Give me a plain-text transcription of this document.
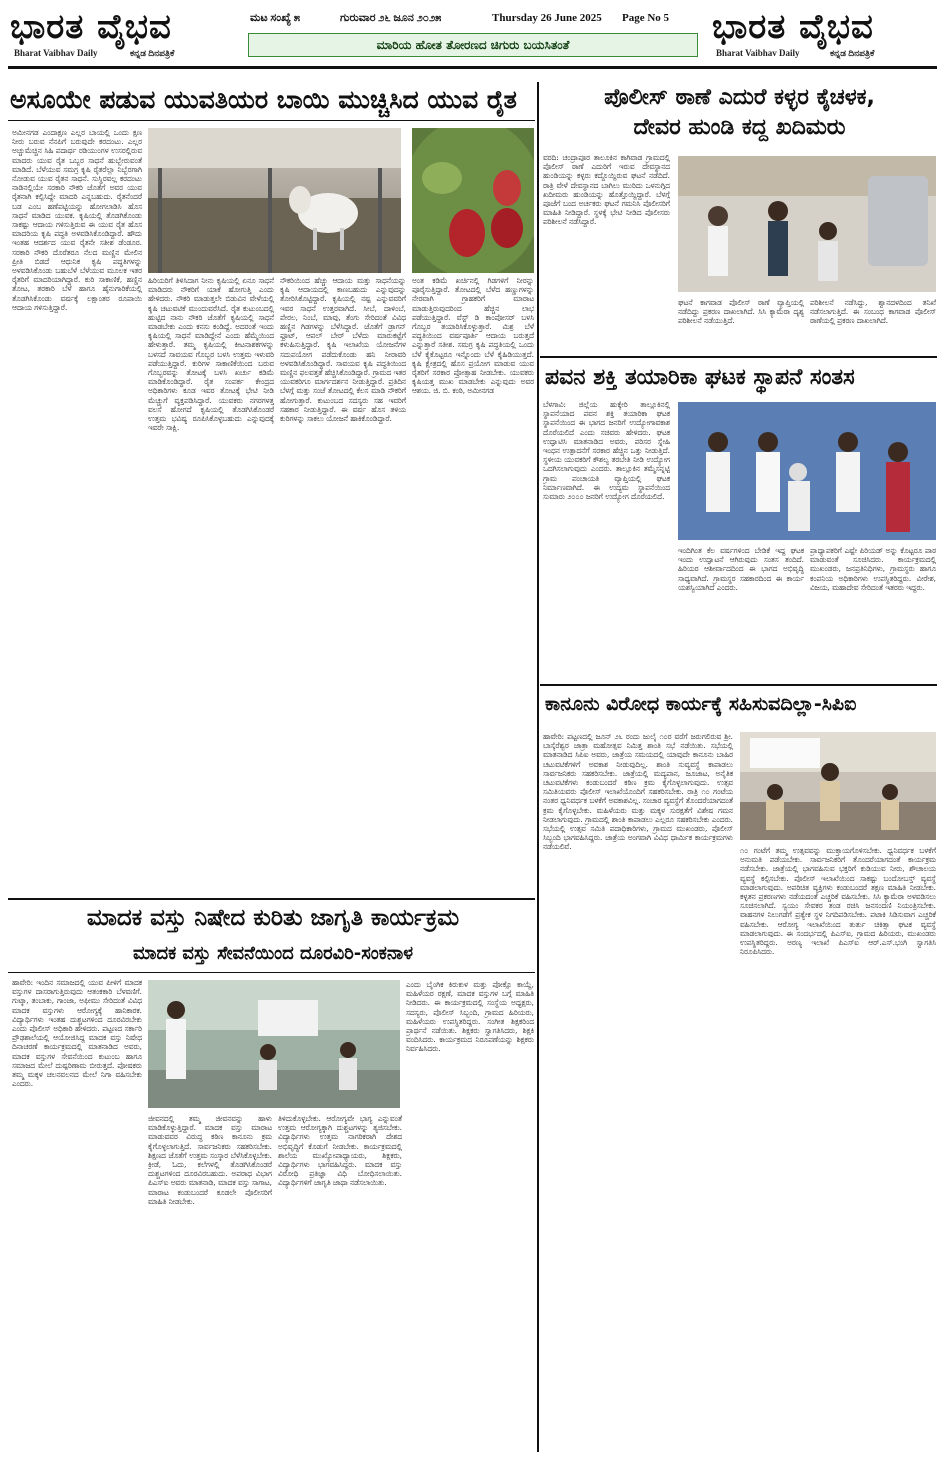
ಭಾರತ ವೈಭವ
Bharat Vaibhav Daily	ಕನ್ನಡ ದಿನಪತ್ರಿಕೆ
ಮಟ ಸಂಖ್ಯೆ ೫	ಗುರುವಾರ ೨೬ ಜೂನ ೨೦೨೫	Thursday 26 June 2025 Page No 5
ಮಾರಿಯ ಹೋತ ತೋರಣದ ಚಿಗುರು ಬಯಸಿತಂತೆ	ಭಾರತ ವೈಭವ
Bharat Vaibhav Daily	ಕನ್ನಡ ದಿನಪತ್ರಿಕೆ
ಅಸೂಯೇ ಪಡುವ ಯುವತಿಯರ ಬಾಯಿ ಮುಚ್ಚಿಸಿದ ಯುವ ರೈತ
ಅಮೀನಗಡ ಎಂದಾಕ್ಷಣ ಎಲ್ಲರ ಬಾಯಲ್ಲಿ ಒಂದು ಕ್ಷಣ ನೀರು ಬರುವ ನೆನಪಿಗೆ ಬರುವುದೇ ಕರದಂಟು. ಎಲ್ಲರ ಅಚ್ಚುಮೆಚ್ಚಿನ ಸಿಹಿ ಪದಾರ್ಥ ರಡಿಯುಂಗಳ ಉಸರಲ್ಲಿರುವ ಮಾದರು ಯುವ ರೈತ ಒಬ್ಬರ ಸಾಧನೆ ಹುಬ್ಬೇರುವಂತೆ ಮಾಡಿದೆ. ಬೆಳೆಯುವ ಸಮಗ್ರ ಕೃಷಿ ರೈತರೆಲ್ಲಾ ನಿಬ್ಬೆರಗಾಗಿ ನೋಡುವ ಯುವ ರೈತನ ಸಾಧನೆ. ಸುಸ್ಥಿರವಲ್ಲ ಕರದಂಟು ನಾಡಿನಲ್ಲಿಯೇ ಸರಕಾರಿ ನೌಕರಿ ಜೊತೆಗೆ ಅವರ ಯುವ ರೈತನಾಗಿ ಕಲ್ಪಿಸಿದ್ದೇ ಮಾದರಿ ಎನ್ನಬಹುದು. ರೈತನೆಂದರೆ ಬಡ ಎಂಬ ಹಣೆಪಟ್ಟಿಯನ್ನು ಹೋಗಲಾಡಿಸಿ ಹೊಸ ಸಾಧನೆ ಮಾಡಿದ ಯುವಕ. ಕೃಷಿಯಲ್ಲಿ ತೊಡಗಿಕೊಂಡು ಸಾಕಷ್ಟು ಆದಾಯ ಗಳಿಸುತ್ತಿರುವ ಈ ಯುವ ರೈತ ಹೊಸ ಮಾದರಿಯ ಕೃಷಿ ಪದ್ಧತಿ ಅಳವಡಿಸಿಕೊಂಡಿದ್ದಾರೆ. ಹೌದು ಇಂತಹ ಆದರ್ಶದ ಯುವ ರೈತನೇ ಸತೀಶ ಡೆಂಡೂರ. ಸರಕಾರಿ ನೌಕರಿ ದೊರೆತರೂ ನೆಲದ ಮಣ್ಣಿನ ಮೇಲಿನ ಪ್ರೀತಿ ಬಿಡದೆ ಆಧುನಿಕ ಕೃಷಿ ಪದ್ಧತಿಗಳನ್ನು ಅಳವಡಿಸಿಕೊಂಡು ಬಹುಬೆಳೆ ಬೆಳೆಯುವ ಮೂಲಕ ಇತರ ರೈತರಿಗೆ ಮಾದರಿಯಾಗಿದ್ದಾರೆ. ಕುರಿ ಸಾಕಾಣಿಕೆ, ಹಣ್ಣಿನ ತೋಟ, ತರಕಾರಿ ಬೆಳೆ ಹಾಗೂ ಹೈನುಗಾರಿಕೆಯಲ್ಲಿ ತೊಡಗಿಸಿಕೊಂಡು ವರ್ಷಕ್ಕೆ ಲಕ್ಷಾಂತರ ರೂಪಾಯಿ ಆದಾಯ ಗಳಿಸುತ್ತಿದ್ದಾರೆ.
ಹಿರಿಯರಿಗೆ ತಿಳಿಸಿದಾಗ ನೀನು ಕೃಷಿಯಲ್ಲಿ ಏನೂ ಸಾಧನೆ ಮಾಡಿದರು ನೌಕರಿಗೆ ಯಾಕೆ ಹೋಗುತ್ತಿ ಎಂದು ಹೇಳಿದರು. ನೌಕರಿ ಮಾಡುತ್ತಲೇ ಬಿಡುವಿನ ವೇಳೆಯಲ್ಲಿ ಕೃಷಿ ಚಟುವಟಿಕೆ ಮುಂದುವರೆಸಿದೆ. ರೈತ ಕುಟುಂಬದಲ್ಲಿ ಹುಟ್ಟಿದ ನಾನು ನೌಕರಿ ಜೊತೆಗೆ ಕೃಷಿಯಲ್ಲಿ ಸಾಧನೆ ಮಾಡಬೇಕು ಎಂದು ಕನಸು ಕಂಡಿದ್ದೆ. ಅದರಂತೆ ಇಂದು ಕೃಷಿಯಲ್ಲಿ ಸಾಧನೆ ಮಾಡಿದ್ದೇನೆ ಎಂದು ಹೆಮ್ಮೆಯಿಂದ ಹೇಳುತ್ತಾರೆ. ತಮ್ಮ ಕೃಷಿಯಲ್ಲಿ ಕೀಟನಾಶಕಗಳನ್ನು ಬಳಸದೆ ಸಾವಯವ ಗೊಬ್ಬರ ಬಳಸಿ ಉತ್ತಮ ಇಳುವರಿ ಪಡೆಯುತ್ತಿದ್ದಾರೆ. ಕುರಿಗಳ ಸಾಕಾಣಿಕೆಯಿಂದ ಬರುವ ಗೊಬ್ಬರವನ್ನು ತೋಟಕ್ಕೆ ಬಳಸಿ ಖರ್ಚು ಕಡಿಮೆ ಮಾಡಿಕೊಂಡಿದ್ದಾರೆ. ರೈತ ಸಂಪರ್ಕ ಕೇಂದ್ರದ ಅಧಿಕಾರಿಗಳು ಕೂಡ ಇವರ ತೋಟಕ್ಕೆ ಭೇಟಿ ನೀಡಿ ಮೆಚ್ಚುಗೆ ವ್ಯಕ್ತಪಡಿಸಿದ್ದಾರೆ. ಯುವಕರು ನಗರಗಳತ್ತ ವಲಸೆ ಹೋಗದೆ ಕೃಷಿಯಲ್ಲಿ ತೊಡಗಿಸಿಕೊಂಡರೆ ಉತ್ತಮ ಭವಿಷ್ಯ ರೂಪಿಸಿಕೊಳ್ಳಬಹುದು ಎನ್ನುವುದಕ್ಕೆ ಇವರೇ ಸಾಕ್ಷಿ.
ನೌಕರಿಯಿಂದ ಹೆಚ್ಚು ಆದಾಯ ಮತ್ತು ಸಾಧನೆಯನ್ನು ಕೃಷಿ ಆದಾಯದಲ್ಲಿ ಕಾಣಬಹುದು ಎನ್ನುವುದನ್ನು ತೋರಿಸಿಕೊಟ್ಟಿದ್ದಾರೆ. ಕೃಷಿಯಲ್ಲಿ ನಷ್ಟ ಎನ್ನುವವರಿಗೆ ಇವರ ಸಾಧನೆ ಉತ್ತರವಾಗಿದೆ. ಸೀಬೆ, ದಾಳಿಂಬೆ, ಪೇರಲ, ನಿಂಬೆ, ಮಾವು, ತೆಂಗು ಸೇರಿದಂತೆ ವಿವಿಧ ಹಣ್ಣಿನ ಗಿಡಗಳನ್ನು ಬೆಳೆಸಿದ್ದಾರೆ. ಜೊತೆಗೆ ಡ್ರಾಗನ್ ಫ್ರೂಟ್, ಆಪಲ್ ಬೇರ್ ಬೆಳೆದು ಮಾರುಕಟ್ಟೆಗೆ ಕಳುಹಿಸುತ್ತಿದ್ದಾರೆ. ಕೃಷಿ ಇಲಾಖೆಯ ಯೋಜನೆಗಳ ಸದುಪಯೋಗ ಪಡೆದುಕೊಂಡು ಹನಿ ನೀರಾವರಿ ಅಳವಡಿಸಿಕೊಂಡಿದ್ದಾರೆ. ಸಾವಯವ ಕೃಷಿ ಪದ್ಧತಿಯಿಂದ ಮಣ್ಣಿನ ಫಲವತ್ತತೆ ಹೆಚ್ಚಿಸಿಕೊಂಡಿದ್ದಾರೆ. ಗ್ರಾಮದ ಇತರ ಯುವಕರಿಗೂ ಮಾರ್ಗದರ್ಶನ ನೀಡುತ್ತಿದ್ದಾರೆ. ಪ್ರತಿದಿನ ಬೆಳಗ್ಗೆ ಮತ್ತು ಸಂಜೆ ತೋಟದಲ್ಲಿ ಕೆಲಸ ಮಾಡಿ ನೌಕರಿಗೆ ಹೋಗುತ್ತಾರೆ. ಕುಟುಂಬದ ಸದಸ್ಯರು ಸಹ ಇವರಿಗೆ ಸಹಕಾರ ನೀಡುತ್ತಿದ್ದಾರೆ. ಈ ವರ್ಷ ಹೊಸ ತಳಿಯ ಕುರಿಗಳನ್ನು ಸಾಕಲು ಯೋಜನೆ ಹಾಕಿಕೊಂಡಿದ್ದಾರೆ.
ಅಂತ ಕಡಿಮೆ ಖರ್ಚಿನಲ್ಲಿ ಗಿಡಗಳಿಗೆ ನೀರನ್ನು ಪೂರೈಸುತ್ತಿದ್ದಾರೆ. ತೋಟದಲ್ಲಿ ಬೆಳೆದ ಹಣ್ಣುಗಳನ್ನು ನೇರವಾಗಿ ಗ್ರಾಹಕರಿಗೆ ಮಾರಾಟ ಮಾಡುತ್ತಿರುವುದರಿಂದ ಹೆಚ್ಚಿನ ಲಾಭ ಪಡೆಯುತ್ತಿದ್ದಾರೆ. ವೆಸ್ಟ್ ಡಿ ಕಾಂಪೋಸರ್ ಬಳಸಿ ಗೊಬ್ಬರ ತಯಾರಿಸಿಕೊಳ್ಳುತ್ತಾರೆ. ಮಿಶ್ರ ಬೆಳೆ ಪದ್ಧತಿಯಿಂದ ವರ್ಷಪೂರ್ತಿ ಆದಾಯ ಬರುತ್ತದೆ ಎನ್ನುತ್ತಾರೆ ಸತೀಶ. ಸಮಗ್ರ ಕೃಷಿ ಪದ್ಧತಿಯಲ್ಲಿ ಒಂದು ಬೆಳೆ ಕೈಕೊಟ್ಟರೂ ಇನ್ನೊಂದು ಬೆಳೆ ಕೈಹಿಡಿಯುತ್ತದೆ. ಕೃಷಿ ಕ್ಷೇತ್ರದಲ್ಲಿ ಹೊಸ ಪ್ರಯೋಗ ಮಾಡುವ ಯುವ ರೈತರಿಗೆ ಸರಕಾರ ಪ್ರೋತ್ಸಾಹ ನೀಡಬೇಕು. ಯುವಕರು ಕೃಷಿಯತ್ತ ಮುಖ ಮಾಡಬೇಕು ಎನ್ನುವುದು ಅವರ ಆಶಯ. ಜಿ. ಬಿ. ಕಂಠಿ, ಅಮೀನಗಡ
ಪೊಲೀಸ್ ಠಾಣೆ ಎದುರೆ ಕಳ್ಳರ ಕೈಚಳಕ,
ದೇವರ ಹುಂಡಿ ಕದ್ದ ಖದಿಮರು
ವರದಿ: ಚಂದ್ರಾಪೂರ ತಾಲೂಕಿನ ಕಾಗಿವಾಡ ಗ್ರಾಮದಲ್ಲಿ ಪೊಲೀಸ್ ಠಾಣೆ ಎದುರಿಗೆ ಇರುವ ದೇವಸ್ಥಾನದ ಹುಂಡಿಯನ್ನು ಕಳ್ಳರು ಕದ್ದೊಯ್ದಿರುವ ಘಟನೆ ನಡೆದಿದೆ. ರಾತ್ರಿ ವೇಳೆ ದೇವಸ್ಥಾನದ ಬಾಗಿಲು ಮುರಿದು ಒಳನುಗ್ಗಿದ ಖದೀಮರು ಹುಂಡಿಯನ್ನು ಹೊತ್ತೊಯ್ದಿದ್ದಾರೆ. ಬೆಳಗ್ಗೆ ಪೂಜೆಗೆ ಬಂದ ಅರ್ಚಕರು ಘಟನೆ ಗಮನಿಸಿ ಪೊಲೀಸರಿಗೆ ಮಾಹಿತಿ ನೀಡಿದ್ದಾರೆ. ಸ್ಥಳಕ್ಕೆ ಭೇಟಿ ನೀಡಿದ ಪೊಲೀಸರು ಪರಿಶೀಲನೆ ನಡೆಸಿದ್ದಾರೆ.
ಘಟನೆ ಕಾಗವಾಡ ಪೊಲೀಸ್ ಠಾಣೆ ವ್ಯಾಪ್ತಿಯಲ್ಲಿ ನಡೆದಿದ್ದು ಪ್ರಕರಣ ದಾಖಲಾಗಿದೆ. ಸಿಸಿ ಕ್ಯಾಮೆರಾ ದೃಶ್ಯ ಪರಿಶೀಲನೆ ನಡೆಯುತ್ತಿದೆ.
ಪರಿಶೀಲನೆ ನಡೆಸಿದ್ದು, ಶ್ವಾನದಳದಿಂದ ತನಿಖೆ ನಡೆಸಲಾಗುತ್ತಿದೆ. ಈ ಸಂಬಂಧ ಕಾಗವಾಡ ಪೊಲೀಸ್ ಠಾಣೆಯಲ್ಲಿ ಪ್ರಕರಣ ದಾಖಲಾಗಿದೆ.
ಪವನ ಶಕ್ತಿ ತಯಾರಿಕಾ ಘಟಕ ಸ್ಥಾಪನೆ ಸಂತಸ
ಬೆಳಗಾವಿ: ಜಿಲ್ಲೆಯ ಹುಕ್ಕೇರಿ ತಾಲ್ಲೂಕಿನಲ್ಲಿ ಸ್ಥಾಪನೆಯಾದ ಪವನ ಶಕ್ತಿ ತಯಾರಿಕಾ ಘಟಕ ಸ್ಥಾಪನೆಯಿಂದ ಈ ಭಾಗದ ಜನರಿಗೆ ಉದ್ಯೋಗಾವಕಾಶ ದೊರೆಯಲಿದೆ ಎಂದು ಸಚಿವರು ಹೇಳಿದರು. ಘಟಕ ಉದ್ಘಾಟಿಸಿ ಮಾತನಾಡಿದ ಅವರು, ಪರಿಸರ ಸ್ನೇಹಿ ಇಂಧನ ಉತ್ಪಾದನೆಗೆ ಸರಕಾರ ಹೆಚ್ಚಿನ ಒತ್ತು ನೀಡುತ್ತಿದೆ. ಸ್ಥಳೀಯ ಯುವಕರಿಗೆ ಕೌಶಲ್ಯ ತರಬೇತಿ ನೀಡಿ ಉದ್ಯೋಗ ಒದಗಿಸಲಾಗುವುದು ಎಂದರು. ತಾಲ್ಲೂಕಿನ ತಮ್ಮೆಸನ್ನಟ್ಟಿ ಗ್ರಾಮ ಪಂಚಾಯತಿ ವ್ಯಾಪ್ತಿಯಲ್ಲಿ ಘಟಕ ನಿರ್ಮಾಣವಾಗಿದೆ. ಈ ಉದ್ಯಮ ಸ್ಥಾಪನೆಯಿಂದ ಸುಮಾರು ೨೦೦೦ ಜನರಿಗೆ ಉದ್ಯೋಗ ದೊರೆಯಲಿದೆ.
ಇಂದಿಗಿಂತ ಕೆಲ ವರ್ಷಗಳಿಂದ ಬೇಡಿಕೆ ಇದ್ದ ಘಟಕ ಇಂದು ಉದ್ಘಾಟನೆ ಆಗಿರುವುದು ಸಂತಸ ತಂದಿದೆ. ಹಿರಿಯರ ಆಶೀರ್ವಾದದಿಂದ ಈ ಭಾಗದ ಅಭಿವೃದ್ಧಿ ಸಾಧ್ಯವಾಗಿದೆ. ಗ್ರಾಮಸ್ಥರ ಸಹಕಾರದಿಂದ ಈ ಕಾರ್ಯ ಯಶಸ್ವಿಯಾಗಿದೆ ಎಂದರು.
ಪ್ರಾಧ್ಯಾಪಕರಿಗೆ ಎಷ್ಟೇ ಪಿರಿಯಡ್ ಅನ್ನು ಕೊಟ್ಟರೂ ಪಾಠ ಮಾಡುವಂತೆ ಸೂಚಿಸಿದರು. ಕಾರ್ಯಕ್ರಮದಲ್ಲಿ ಮುಖಂಡರು, ಜನಪ್ರತಿನಿಧಿಗಳು, ಗ್ರಾಮಸ್ಥರು ಹಾಗೂ ಕಂಪನಿಯ ಅಧಿಕಾರಿಗಳು ಉಪಸ್ಥಿತರಿದ್ದರು. ವೀರೇಶ, ವಿಜಯ, ಮಹಾದೇವ ಸೇರಿದಂತೆ ಇತರರು ಇದ್ದರು.
ಕಾನೂನು ವಿರೋಧ ಕಾರ್ಯಕ್ಕೆ ಸಹಿಸುವದಿಲ್ಲಾ-ಸಿಪಿಐ
ಹಾವೇರಿ: ಪಟ್ಟಣದಲ್ಲಿ ಜೂನ್ ೨೬ ರಂದು ಜುಲೈ ೧೦ರ ವರೆಗೆ ಜರುಗಲಿರುವ ಶ್ರೀ. ಬಾಸ್ಕೆರೆಶ್ವರ ಜಾತ್ರಾ ಮಹೋತ್ಸವ ನಿಮಿತ್ತ ಶಾಂತಿ ಸಭೆ ನಡೆಯಿತು. ಸಭೆಯಲ್ಲಿ ಮಾತನಾಡಿದ ಸಿಪಿಐ ಅವರು, ಜಾತ್ರೆಯ ಸಮಯದಲ್ಲಿ ಯಾವುದೇ ಕಾನೂನು ಬಾಹಿರ ಚಟುವಟಿಕೆಗಳಿಗೆ ಅವಕಾಶ ನೀಡುವುದಿಲ್ಲ. ಶಾಂತಿ ಸುವ್ಯವಸ್ಥೆ ಕಾಪಾಡಲು ಸಾರ್ವಜನಿಕರು ಸಹಕರಿಸಬೇಕು. ಜಾತ್ರೆಯಲ್ಲಿ ಮದ್ಯಪಾನ, ಜೂಜಾಟ, ಅನೈತಿಕ ಚಟುವಟಿಕೆಗಳು ಕಂಡುಬಂದರೆ ಕಠಿಣ ಕ್ರಮ ಕೈಗೊಳ್ಳಲಾಗುವುದು. ಉತ್ಸವ ಸಮಿತಿಯವರು ಪೊಲೀಸ್ ಇಲಾಖೆಯೊಂದಿಗೆ ಸಹಕರಿಸಬೇಕು. ರಾತ್ರಿ ೧೦ ಗಂಟೆಯ ನಂತರ ಧ್ವನಿವರ್ಧಕ ಬಳಕೆಗೆ ಅವಕಾಶವಿಲ್ಲ. ಸಂಚಾರ ವ್ಯವಸ್ಥೆಗೆ ತೊಂದರೆಯಾಗದಂತೆ ಕ್ರಮ ಕೈಗೊಳ್ಳಬೇಕು. ಮಹಿಳೆಯರು ಮತ್ತು ಮಕ್ಕಳ ಸುರಕ್ಷತೆಗೆ ವಿಶೇಷ ಗಮನ ನೀಡಲಾಗುವುದು. ಗ್ರಾಮದಲ್ಲಿ ಶಾಂತಿ ಕಾಪಾಡಲು ಎಲ್ಲರೂ ಸಹಕರಿಸಬೇಕು ಎಂದರು. ಸಭೆಯಲ್ಲಿ ಉತ್ಸವ ಸಮಿತಿ ಪದಾಧಿಕಾರಿಗಳು, ಗ್ರಾಮದ ಮುಖಂಡರು, ಪೊಲೀಸ್ ಸಿಬ್ಬಂದಿ ಭಾಗವಹಿಸಿದ್ದರು. ಜಾತ್ರೆಯ ಅಂಗವಾಗಿ ವಿವಿಧ ಧಾರ್ಮಿಕ ಕಾರ್ಯಕ್ರಮಗಳು ನಡೆಯಲಿವೆ.	೧೦ ಗಂಟೆಗೆ ತಮ್ಮ ಉತ್ಸವವನ್ನು ಮುಕ್ತಾಯಗೊಳಿಸಬೇಕು. ಧ್ವನಿವರ್ಧಕ ಬಳಕೆಗೆ ಅನುಮತಿ ಪಡೆಯಬೇಕು. ಸಾರ್ವಜನಿಕರಿಗೆ ತೊಂದರೆಯಾಗದಂತೆ ಕಾರ್ಯಕ್ರಮ ನಡೆಸಬೇಕು. ಜಾತ್ರೆಯಲ್ಲಿ ಭಾಗವಹಿಸುವ ಭಕ್ತರಿಗೆ ಕುಡಿಯುವ ನೀರು, ಶೌಚಾಲಯ ವ್ಯವಸ್ಥೆ ಕಲ್ಪಿಸಬೇಕು. ಪೊಲೀಸ್ ಇಲಾಖೆಯಿಂದ ಸಾಕಷ್ಟು ಬಂದೋಬಸ್ತ್ ವ್ಯವಸ್ಥೆ ಮಾಡಲಾಗುವುದು. ಅಪರಿಚಿತ ವ್ಯಕ್ತಿಗಳು ಕಂಡುಬಂದರೆ ತಕ್ಷಣ ಮಾಹಿತಿ ನೀಡಬೇಕು. ಕಳ್ಳತನ ಪ್ರಕರಣಗಳು ನಡೆಯದಂತೆ ಎಚ್ಚರಿಕೆ ವಹಿಸಬೇಕು. ಸಿಸಿ ಕ್ಯಾಮೆರಾ ಅಳವಡಿಸಲು ಸೂಚಿಸಲಾಗಿದೆ. ಸ್ವಯಂ ಸೇವಕರ ತಂಡ ರಚಿಸಿ ಜನಸಂದಣಿ ನಿಯಂತ್ರಿಸಬೇಕು. ವಾಹನಗಳ ನಿಲುಗಡೆಗೆ ಪ್ರತ್ಯೇಕ ಸ್ಥಳ ನಿಗದಿಪಡಿಸಬೇಕು. ಪಟಾಕಿ ಸಿಡಿಸುವಾಗ ಎಚ್ಚರಿಕೆ ವಹಿಸಬೇಕು. ಆರೋಗ್ಯ ಇಲಾಖೆಯಿಂದ ತುರ್ತು ಚಿಕಿತ್ಸಾ ಘಟಕ ವ್ಯವಸ್ಥೆ ಮಾಡಲಾಗುವುದು. ಈ ಸಂದರ್ಭದಲ್ಲಿ ಪಿಎಸ್ಐ, ಗ್ರಾಮದ ಹಿರಿಯರು, ಮುಖಂಡರು ಉಪಸ್ಥಿತರಿದ್ದರು. ಅರಣ್ಯ ಇಲಾಖೆ ಪಿಎಸ್ಐ ಆರ್.ಎಸ್.ಭಂಗಿ ಸ್ವಾಗತಿಸಿ ನಿರೂಪಿಸಿದರು.
ಮಾದಕ ವಸ್ತು ನಿಷೇದ ಕುರಿತು ಜಾಗೃತಿ ಕಾರ್ಯಕ್ರಮ
ಮಾದಕ ವಸ್ತು ಸೇವನೆಯಿಂದ ದೂರವಿರಿ-ಸಂಕನಾಳ
ಹಾವೇರಿ: ಇಂದಿನ ಸಮಾಜದಲ್ಲಿ ಯುವ ಪೀಳಿಗೆ ಮಾದಕ ವಸ್ತುಗಳ ದಾಸರಾಗುತ್ತಿರುವುದು ಆತಂಕಕಾರಿ ಬೆಳವಣಿಗೆ. ಗುಟ್ಕಾ, ತಂಬಾಕು, ಗಾಂಜಾ, ಅಫೀಮು ಸೇರಿದಂತೆ ವಿವಿಧ ಮಾದಕ ವಸ್ತುಗಳು ಆರೋಗ್ಯಕ್ಕೆ ಹಾನಿಕಾರಕ. ವಿದ್ಯಾರ್ಥಿಗಳು ಇಂತಹ ದುಶ್ಚಟಗಳಿಂದ ದೂರವಿರಬೇಕು ಎಂದು ಪೊಲೀಸ್ ಅಧಿಕಾರಿ ಹೇಳಿದರು. ಪಟ್ಟಣದ ಸರ್ಕಾರಿ ಪ್ರೌಢಶಾಲೆಯಲ್ಲಿ ಆಯೋಜಿಸಿದ್ದ ಮಾದಕ ವಸ್ತು ನಿಷೇಧ ದಿನಾಚರಣೆ ಕಾರ್ಯಕ್ರಮದಲ್ಲಿ ಮಾತನಾಡಿದ ಅವರು, ಮಾದಕ ವಸ್ತುಗಳ ಸೇವನೆಯಿಂದ ಕುಟುಂಬ ಹಾಗೂ ಸಮಾಜದ ಮೇಲೆ ದುಷ್ಪರಿಣಾಮ ಬೀರುತ್ತದೆ. ಪೋಷಕರು ತಮ್ಮ ಮಕ್ಕಳ ಚಲನವಲನದ ಮೇಲೆ ನಿಗಾ ವಹಿಸಬೇಕು ಎಂದರು.
ಎಂದು ಬೈಂಗಿಕ ಕಿರುಕುಳ ಮತ್ತು ಪೋಕ್ಸೊ ಕಾಯ್ದೆ, ಮಹಿಳೆಯರ ರಕ್ಷಣೆ, ಮಾದಕ ವಸ್ತುಗಳ ಬಗ್ಗೆ ಮಾಹಿತಿ ನೀಡಿದರು. ಈ ಕಾರ್ಯಕ್ರಮದಲ್ಲಿ ಸಂಸ್ಥೆಯ ಅಧ್ಯಕ್ಷರು, ಸದಸ್ಯರು, ಪೊಲೀಸ್ ಸಿಬ್ಬಂದಿ, ಗ್ರಾಮದ ಹಿರಿಯರು, ಮಹಿಳೆಯರು ಉಪಸ್ಥಿತರಿದ್ದರು. ಸಂಗೀತ ಶಿಕ್ಷಕರಿಂದ ಪ್ರಾರ್ಥನೆ ನಡೆಯಿತು. ಶಿಕ್ಷಕರು ಸ್ವಾಗತಿಸಿದರು, ಶಿಕ್ಷಕಿ ವಂದಿಸಿದರು. ಕಾರ್ಯಕ್ರಮದ ನಿರೂಪಣೆಯನ್ನು ಶಿಕ್ಷಕರು ನಿರ್ವಹಿಸಿದರು.
ಜೀವನದಲ್ಲಿ ತಮ್ಮ ಜೀವನವನ್ನು ಹಾಳು ಮಾಡಿಕೊಳ್ಳುತ್ತಿದ್ದಾರೆ. ಮಾದಕ ವಸ್ತು ಮಾರಾಟ ಮಾಡುವವರ ವಿರುದ್ಧ ಕಠಿಣ ಕಾನೂನು ಕ್ರಮ ಕೈಗೊಳ್ಳಲಾಗುತ್ತಿದೆ. ಸಾರ್ವಜನಿಕರು ಸಹಕರಿಸಬೇಕು. ಶಿಕ್ಷಣದ ಜೊತೆಗೆ ಉತ್ತಮ ಸಂಸ್ಕಾರ ಬೆಳೆಸಿಕೊಳ್ಳಬೇಕು. ಕ್ರೀಡೆ, ಓದು, ಕಲೆಗಳಲ್ಲಿ ತೊಡಗಿಸಿಕೊಂಡರೆ ದುಶ್ಚಟಗಳಿಂದ ದೂರವಿರಬಹುದು. ಅಪರಾಧ ವಿಭಾಗ ಪಿಎಸ್ಐ ಅವರು ಮಾತನಾಡಿ, ಮಾದಕ ವಸ್ತು ಸಾಗಾಟ, ಮಾರಾಟ ಕಂಡುಬಂದರೆ ಕೂಡಲೇ ಪೊಲೀಸರಿಗೆ ಮಾಹಿತಿ ನೀಡಬೇಕು.
ತಿಳಿದುಕೊಳ್ಳಬೇಕು. ಆರೋಗ್ಯವೇ ಭಾಗ್ಯ ಎನ್ನುವಂತೆ ಉತ್ತಮ ಆರೋಗ್ಯಕ್ಕಾಗಿ ದುಶ್ಚಟಗಳನ್ನು ತ್ಯಜಿಸಬೇಕು. ವಿದ್ಯಾರ್ಥಿಗಳು ಉತ್ತಮ ನಾಗರಿಕರಾಗಿ ದೇಶದ ಅಭಿವೃದ್ಧಿಗೆ ಕೊಡುಗೆ ನೀಡಬೇಕು. ಕಾರ್ಯಕ್ರಮದಲ್ಲಿ ಶಾಲೆಯ ಮುಖ್ಯೋಪಾಧ್ಯಾಯರು, ಶಿಕ್ಷಕರು, ವಿದ್ಯಾರ್ಥಿಗಳು ಭಾಗವಹಿಸಿದ್ದರು. ಮಾದಕ ವಸ್ತು ವಿರೋಧಿ ಪ್ರತಿಜ್ಞಾ ವಿಧಿ ಬೋಧಿಸಲಾಯಿತು. ವಿದ್ಯಾರ್ಥಿಗಳಿಗೆ ಜಾಗೃತಿ ಜಾಥಾ ನಡೆಸಲಾಯಿತು.
